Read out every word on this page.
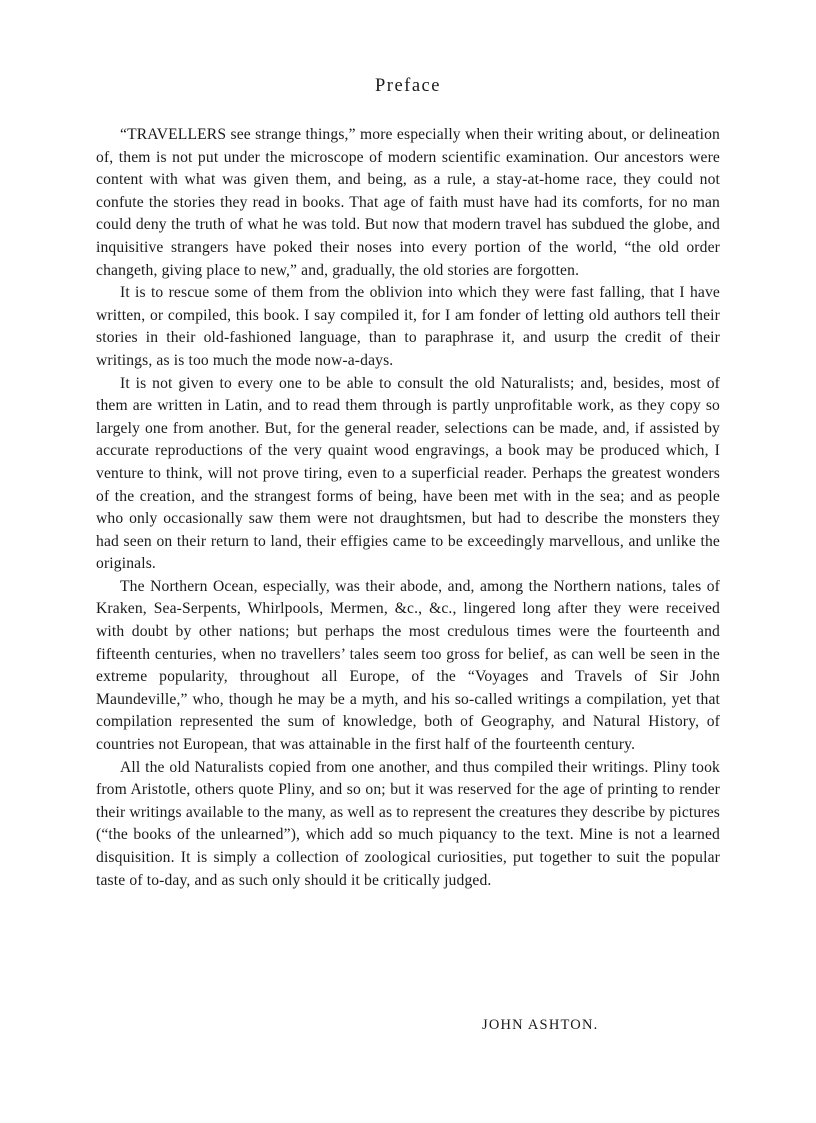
Preface

“TRAVELLERS see strange things,” more especially when their writing about, or delineation of, them is not put under the microscope of modern scientific examination. Our ancestors were content with what was given them, and being, as a rule, a stay-at-home race, they could not confute the stories they read in books. That age of faith must have had its comforts, for no man could deny the truth of what he was told. But now that modern travel has subdued the globe, and inquisitive strangers have poked their noses into every portion of the world, “the old order changeth, giving place to new,” and, gradually, the old stories are forgotten.

It is to rescue some of them from the oblivion into which they were fast falling, that I have written, or compiled, this book. I say compiled it, for I am fonder of letting old authors tell their stories in their old-fashioned language, than to paraphrase it, and usurp the credit of their writings, as is too much the mode now-a-days.

It is not given to every one to be able to consult the old Naturalists; and, besides, most of them are written in Latin, and to read them through is partly unprofitable work, as they copy so largely one from another. But, for the general reader, selections can be made, and, if assisted by accurate reproductions of the very quaint wood engravings, a book may be produced which, I venture to think, will not prove tiring, even to a superficial reader. Perhaps the greatest wonders of the creation, and the strangest forms of being, have been met with in the sea; and as people who only occasionally saw them were not draughtsmen, but had to describe the monsters they had seen on their return to land, their effigies came to be exceedingly marvellous, and unlike the originals.

The Northern Ocean, especially, was their abode, and, among the Northern nations, tales of Kraken, Sea-Serpents, Whirlpools, Mermen, &c., &c., lingered long after they were received with doubt by other nations; but perhaps the most credulous times were the fourteenth and fifteenth centuries, when no travellers’ tales seem too gross for belief, as can well be seen in the extreme popularity, throughout all Europe, of the “Voyages and Travels of Sir John Maundeville,” who, though he may be a myth, and his so-called writings a compilation, yet that compilation represented the sum of knowledge, both of Geography, and Natural History, of countries not European, that was attainable in the first half of the fourteenth century.

All the old Naturalists copied from one another, and thus compiled their writings. Pliny took from Aristotle, others quote Pliny, and so on; but it was reserved for the age of printing to render their writings available to the many, as well as to represent the creatures they describe by pictures (“the books of the unlearned”), which add so much piquancy to the text. Mine is not a learned disquisition. It is simply a collection of zoological curiosities, put together to suit the popular taste of to-day, and as such only should it be critically judged.

JOHN ASHTON.
